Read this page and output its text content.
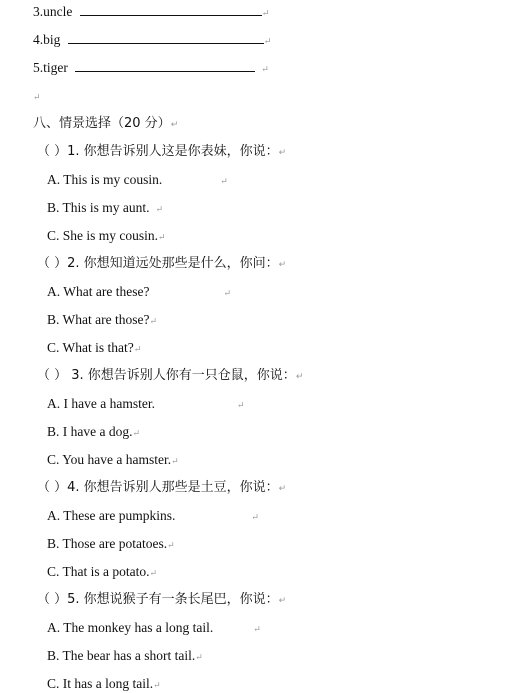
3.uncle	↵
4.big	↵
5.tiger	↵
↵
八、情景选择（20 分）↵
（ ）1. 你想告诉别人这是你表妹，你说：↵
A. This is my cousin.	↵
B. This is my aunt. ↵
C. She is my cousin.↵
（ ）2. 你想知道远处那些是什么，你问：↵
A. What are these?	↵
B. What are those?↵
C. What is that?↵
（ ） 3. 你想告诉别人你有一只仓鼠，你说：↵
A. I have a hamster.	↵
B. I have a dog.↵
C. You have a hamster.↵
（ ）4. 你想告诉别人那些是土豆，你说：↵
A. These are pumpkins.	↵
B. Those are potatoes.↵
C. That is a potato.↵
（ ）5. 你想说猴子有一条长尾巴，你说：↵
A. The monkey has a long tail.	↵
B. The bear has a short tail.↵
C. It has a long tail.↵
